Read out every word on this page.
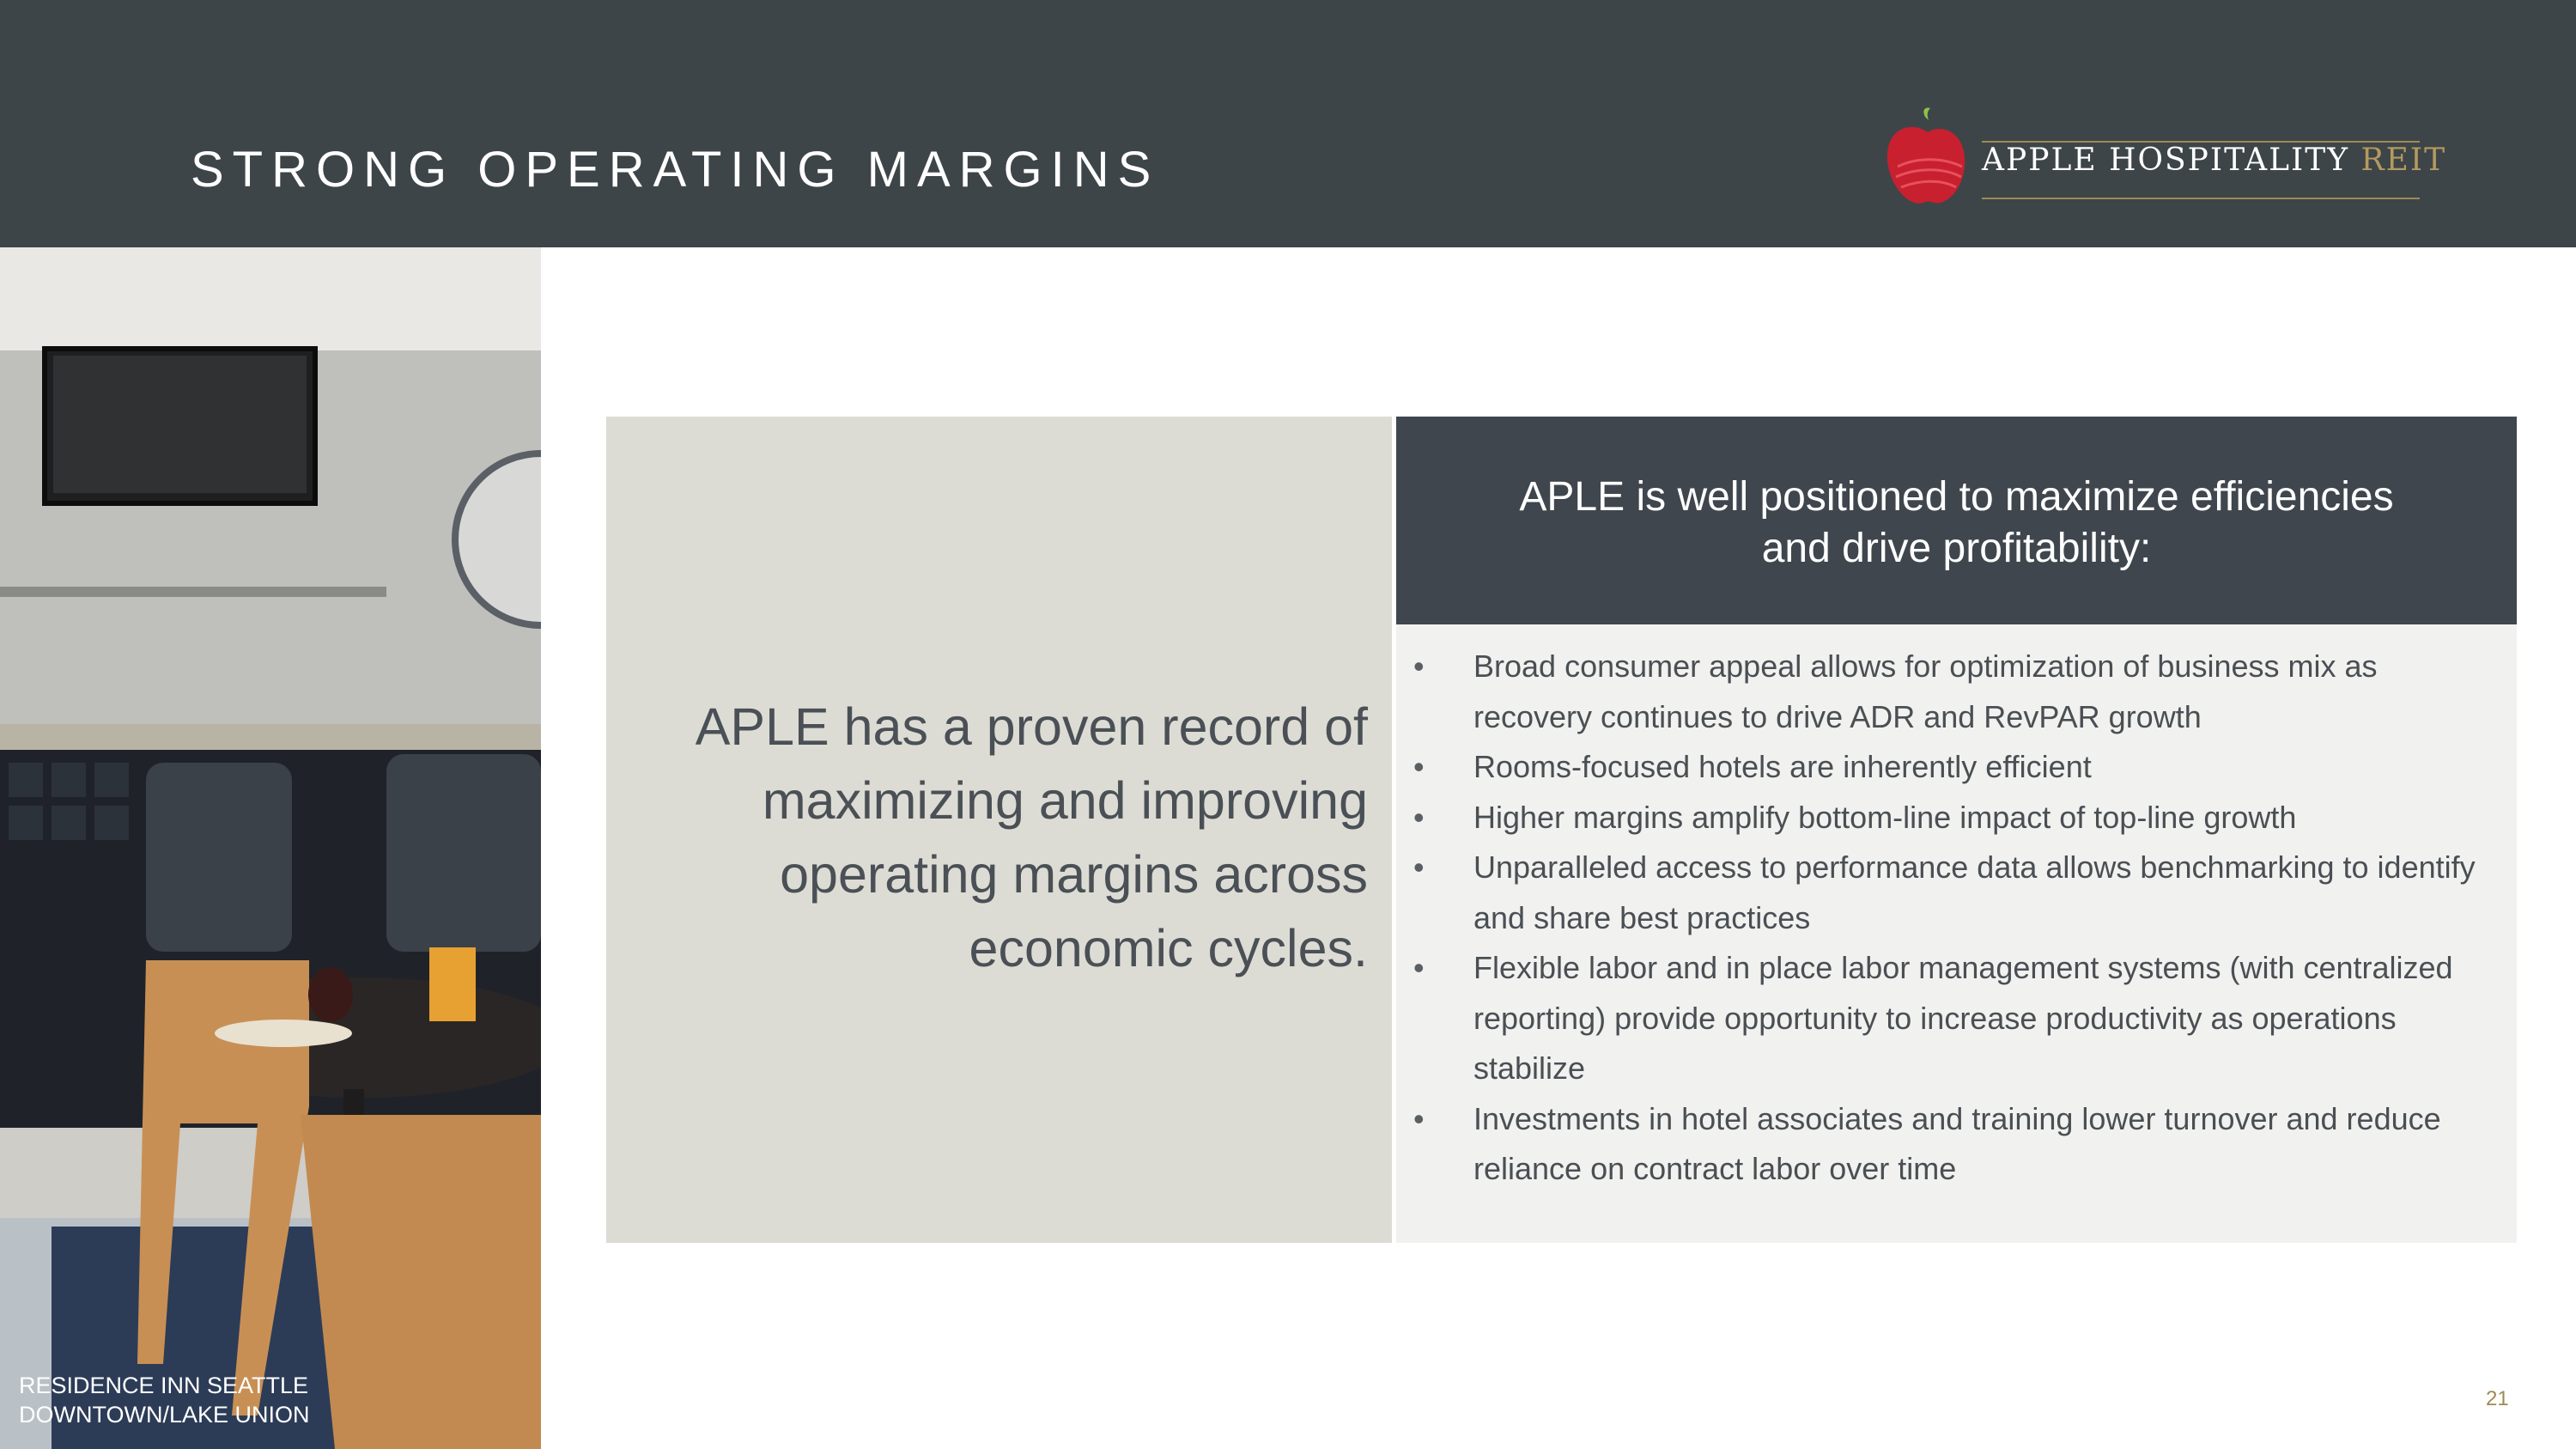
STRONG OPERATING MARGINS	APPLE HOSPITALITY REIT
RESIDENCE INN SEATTLE
DOWNTOWN/LAKE UNION
APLE has a proven record of maximizing and improving operating margins across economic cycles.
APLE is well positioned to maximize efficiencies
and drive profitability:
• Broad consumer appeal allows for optimization of business mix as recovery continues to drive ADR and RevPAR growth
• Rooms-focused hotels are inherently efficient
• Higher margins amplify bottom-line impact of top-line growth
• Unparalleled access to performance data allows benchmarking to identify and share best practices
• Flexible labor and in place labor management systems (with centralized reporting) provide opportunity to increase productivity as operations stabilize
• Investments in hotel associates and training lower turnover and reduce reliance on contract labor over time
21
